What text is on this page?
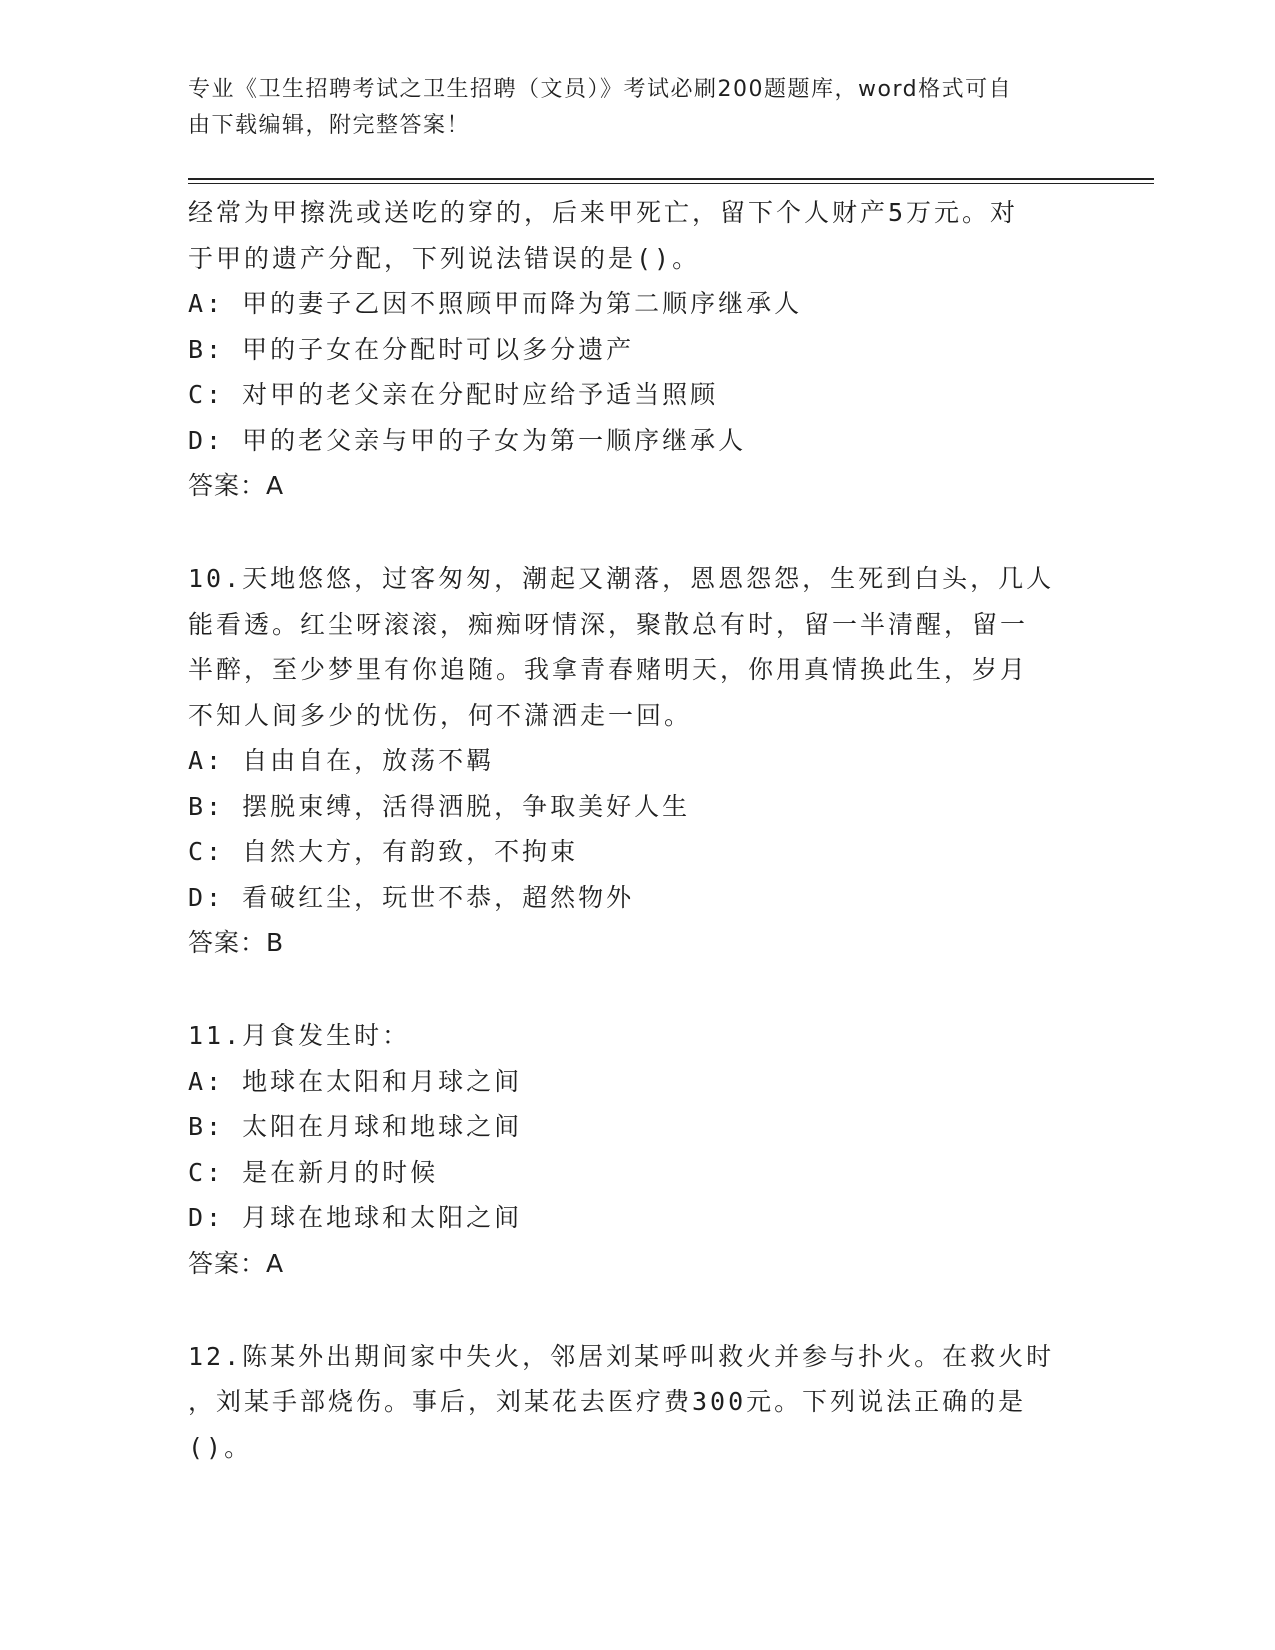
专业《卫生招聘考试之卫生招聘（文员）》考试必刷200题题库，word格式可自
由下载编辑，附完整答案！
经常为甲擦洗或送吃的穿的，后来甲死亡，留下个人财产5万元。对
于甲的遗产分配，下列说法错误的是()。
A: 甲的妻子乙因不照顾甲而降为第二顺序继承人
B: 甲的子女在分配时可以多分遗产
C: 对甲的老父亲在分配时应给予适当照顾
D: 甲的老父亲与甲的子女为第一顺序继承人
答案：A
10.天地悠悠，过客匆匆，潮起又潮落，恩恩怨怨，生死到白头，几人
能看透。红尘呀滚滚，痴痴呀情深，聚散总有时，留一半清醒，留一
半醉，至少梦里有你追随。我拿青春赌明天，你用真情换此生，岁月
不知人间多少的忧伤，何不潇洒走一回。
A: 自由自在，放荡不羁
B: 摆脱束缚，活得洒脱，争取美好人生
C: 自然大方，有韵致，不拘束
D: 看破红尘，玩世不恭，超然物外
答案：B
11.月食发生时：
A: 地球在太阳和月球之间
B: 太阳在月球和地球之间
C: 是在新月的时候
D: 月球在地球和太阳之间
答案：A
12.陈某外出期间家中失火，邻居刘某呼叫救火并参与扑火。在救火时
，刘某手部烧伤。事后，刘某花去医疗费300元。下列说法正确的是
()。
